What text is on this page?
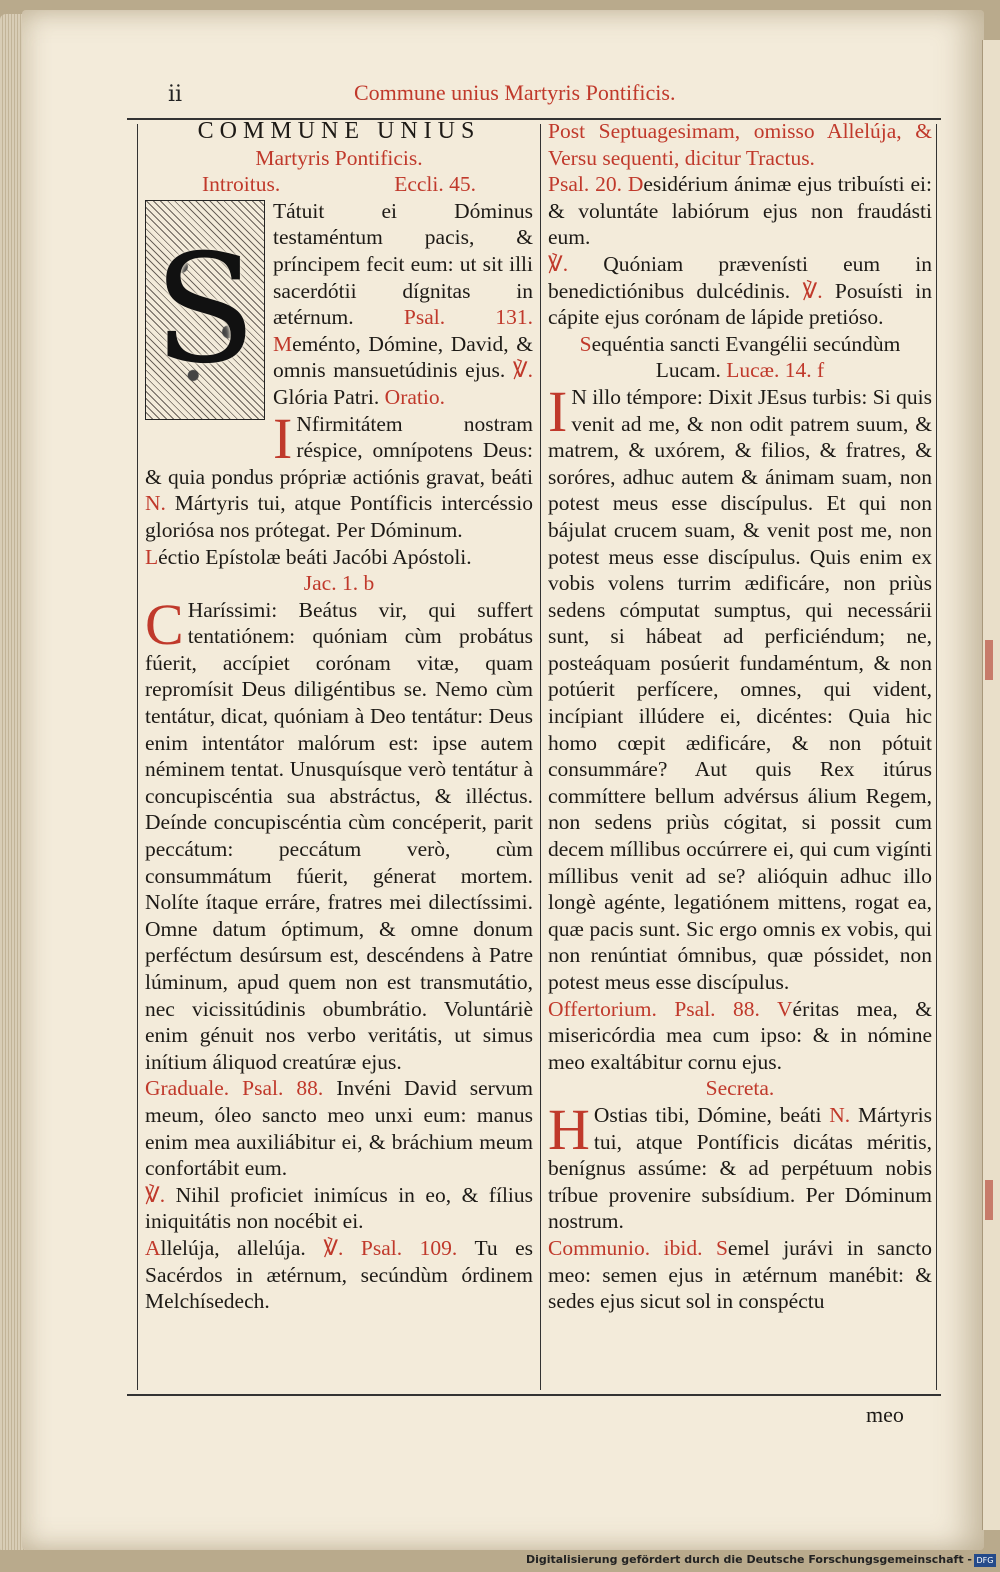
ii	Commune unius Martyris Pontificis.

COMMUNE UNIUS

Martyris Pontificis.

Introitus.	Eccli. 45.

S
Tátuit ei Dóminus testaméntum pacis, & príncipem fecit eum: ut sit illi sacerdótii dígnitas in ætérnum. Psal. 131. Meménto, Dómine, David, & omnis mansuetúdinis ejus. ℣. Glória Patri. Oratio.

I Nfirmitátem nostram réspice, omnípotens Deus: & quia pondus própriæ actiónis gravat, beáti N. Mártyris tui, atque Pontíficis intercéssio gloriósa nos prótegat. Per Dóminum.

Léctio Epístolæ beáti Jacóbi Apóstoli.

Jac. 1. b

C Haríssimi: Beátus vir, qui suffert tentatiónem: quóniam cùm probátus fúerit, accípiet corónam vitæ, quam repromísit Deus diligéntibus se. Nemo cùm tentátur, dicat, quóniam à Deo tentátur: Deus enim intentátor malórum est: ipse autem néminem tentat. Unusquísque verò tentátur à concupiscéntia sua abstráctus, & illéctus. Deínde concupiscéntia cùm concéperit, parit peccátum: peccátum verò, cùm consummátum fúerit, génerat mortem. Nolíte ítaque erráre, fratres mei dilectíssimi. Omne datum óptimum, & omne donum perféctum desúrsum est, descéndens à Patre lúminum, apud quem non est transmutátio, nec vicissitúdinis obumbrátio. Voluntáriè enim génuit nos verbo veritátis, ut simus inítium áliquod creatúræ ejus.

Graduale. Psal. 88. Invéni David servum meum, óleo sancto meo unxi eum: manus enim mea auxiliábitur ei, & bráchium meum confortábit eum.

℣. Nihil proficiet inimícus in eo, & fílius iniquitátis non nocébit ei.

Allelúja, allelúja. ℣. Psal. 109. Tu es Sacérdos in ætérnum, secúndùm órdinem Melchísedech.

Post Septuagesimam, omisso Allelúja, & Versu sequenti, dicitur Tractus.

Psal. 20. Desidérium ánimæ ejus tribuísti ei: & voluntáte labiórum ejus non fraudásti eum.

℣. Quóniam prævenísti eum in benedictiónibus dulcédinis. ℣. Posuísti in cápite ejus corónam de lápide pretióso.

Sequéntia sancti Evangélii secúndùm Lucam. Lucæ. 14. f

I N illo témpore: Dixit JEsus turbis: Si quis venit ad me, & non odit patrem suum, & matrem, & uxórem, & filios, & fratres, & soróres, adhuc autem & ánimam suam, non potest meus esse discípulus. Et qui non bájulat crucem suam, & venit post me, non potest meus esse discípulus. Quis enim ex vobis volens turrim ædificáre, non priùs sedens cómputat sumptus, qui necessárii sunt, si hábeat ad perficiéndum; ne, posteáquam posúerit fundaméntum, & non potúerit perfícere, omnes, qui vident, incípiant illúdere ei, dicéntes: Quia hic homo cœpit ædificáre, & non pótuit consummáre? Aut quis Rex itúrus commíttere bellum advérsus álium Regem, non sedens priùs cógitat, si possit cum decem míllibus occúrrere ei, qui cum vigínti míllibus venit ad se? alióquin adhuc illo longè agénte, legatiónem mittens, rogat ea, quæ pacis sunt. Sic ergo omnis ex vobis, qui non renúntiat ómnibus, quæ póssidet, non potest meus esse discípulus.

Offertorium. Psal. 88. Véritas mea, & misericórdia mea cum ipso: & in nómine meo exaltábitur cornu ejus.

Secreta.

H Ostias tibi, Dómine, beáti N. Mártyris tui, atque Pontíficis dicátas méritis, benígnus assúme: & ad perpétuum nobis tríbue provenire subsídium. Per Dóminum nostrum.

Communio. ibid. Semel jurávi in sancto meo: semen ejus in ætérnum manébit: & sedes ejus sicut sol in conspéctu

meo
Digitalisierung gefördert durch die Deutsche Forschungsgemeinschaft - DFG
